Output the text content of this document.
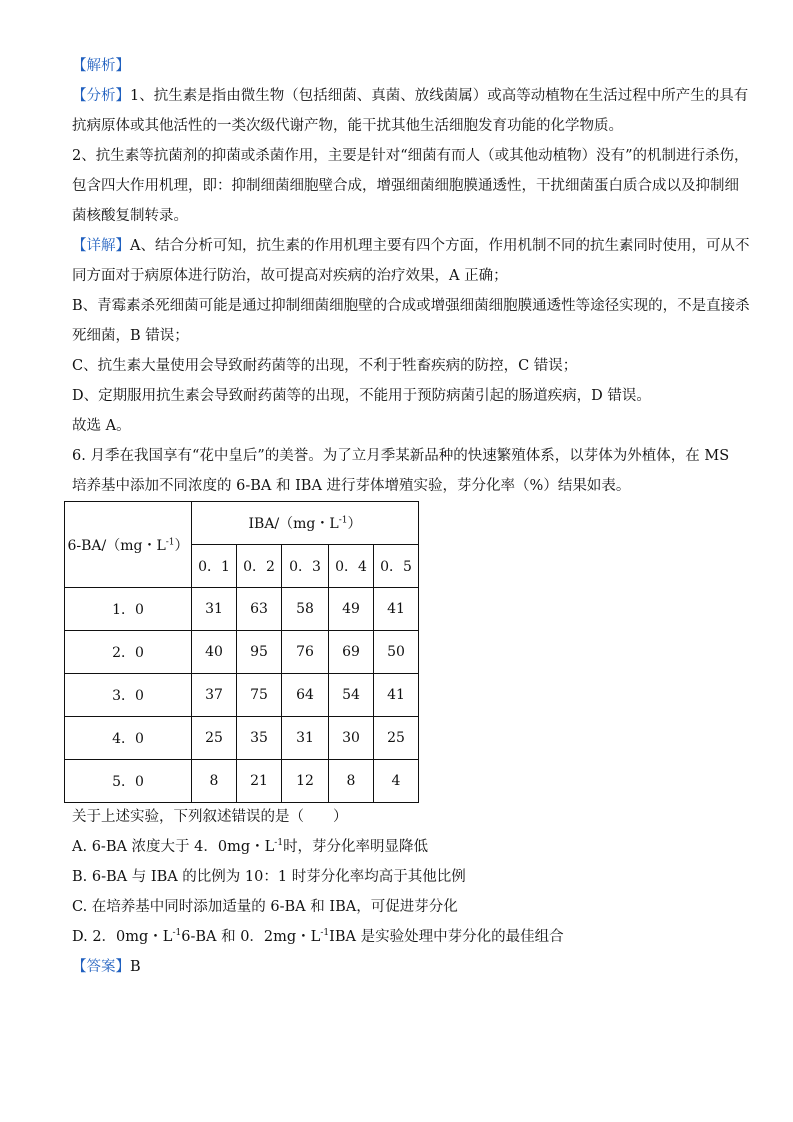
【解析】

【分析】1、抗生素是指由微生物（包括细菌、真菌、放线菌属）或高等动植物在生活过程中所产生的具有

抗病原体或其他活性的一类次级代谢产物，能干扰其他生活细胞发育功能的化学物质。

2、抗生素等抗菌剂的抑菌或杀菌作用，主要是针对“细菌有而人（或其他动植物）没有”的机制进行杀伤，

包含四大作用机理，即：抑制细菌细胞壁合成，增强细菌细胞膜通透性，干扰细菌蛋白质合成以及抑制细

菌核酸复制转录。

【详解】A、结合分析可知，抗生素的作用机理主要有四个方面，作用机制不同的抗生素同时使用，可从不

同方面对于病原体进行防治，故可提高对疾病的治疗效果，A 正确；

B、青霉素杀死细菌可能是通过抑制细菌细胞壁的合成或增强细菌细胞膜通透性等途径实现的，不是直接杀

死细菌，B 错误；

C、抗生素大量使用会导致耐药菌等的出现，不利于牲畜疾病的防控，C 错误；

D、定期服用抗生素会导致耐药菌等的出现，不能用于预防病菌引起的肠道疾病，D 错误。

故选 A。

6. 月季在我国享有“花中皇后”的美誉。为了立月季某新品种的快速繁殖体系，以芽体为外植体，在 MS

培养基中添加不同浓度的 6-BA 和 IBA 进行芽体增殖实验，芽分化率（%）结果如表。

6-BA/（mg・$L^{-1}$）	IBA/（mg・$L^{-1}$）				
	0．1	0．2	0．3	0．4	0．5
1．0	31	63	58	49	41
2．0	40	95	76	69	50
3．0	37	75	64	54	41
4．0	25	35	31	30	25
5．0	8	21	12	8	4

关于上述实验，下列叙述错误的是（　　）

A. 6-BA 浓度大于 4．0mg・$L^{-1}$时，芽分化率明显降低

B. 6-BA 与 IBA 的比例为 10：1 时芽分化率均高于其他比例

C. 在培养基中同时添加适量的 6-BA 和 IBA，可促进芽分化

D. 2．0mg・$L^{-1}6-BA$ 和 0．2mg・$L^{-1}IBA$ 是实验处理中芽分化的最佳组合

【答案】B
